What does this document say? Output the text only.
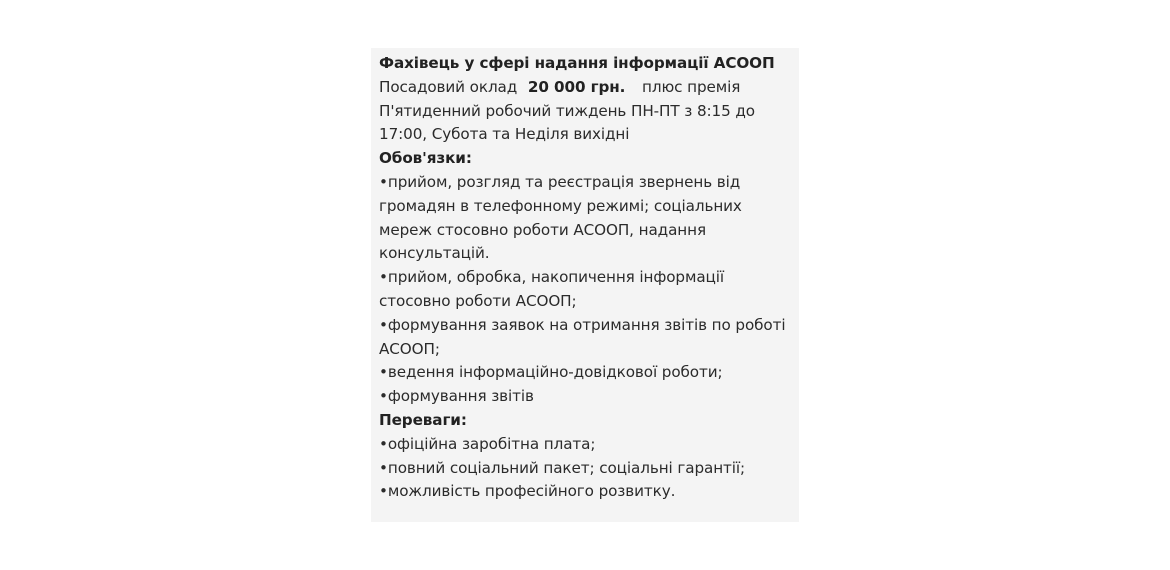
Фахівець у сфері надання інформації АСООП
Посадовий оклад 20 000 грн. плюс премія
П'ятиденний робочий тиждень ПН-ПТ з 8:15 до
17:00, Субота та Неділя вихідні
Обов'язки:
•прийом, розгляд та реєстрація звернень від
громадян в телефонному режимі; соціальних
мереж стосовно роботи АСООП, надання
консультацій.
•прийом, обробка, накопичення інформації
стосовно роботи АСООП;
•формування заявок на отримання звітів по роботі
АСООП;
•ведення інформаційно-довідкової роботи;
•формування звітів
Переваги:
•офіційна заробітна плата;
•повний соціальний пакет; соціальні гарантії;
•можливість професійного розвитку.
